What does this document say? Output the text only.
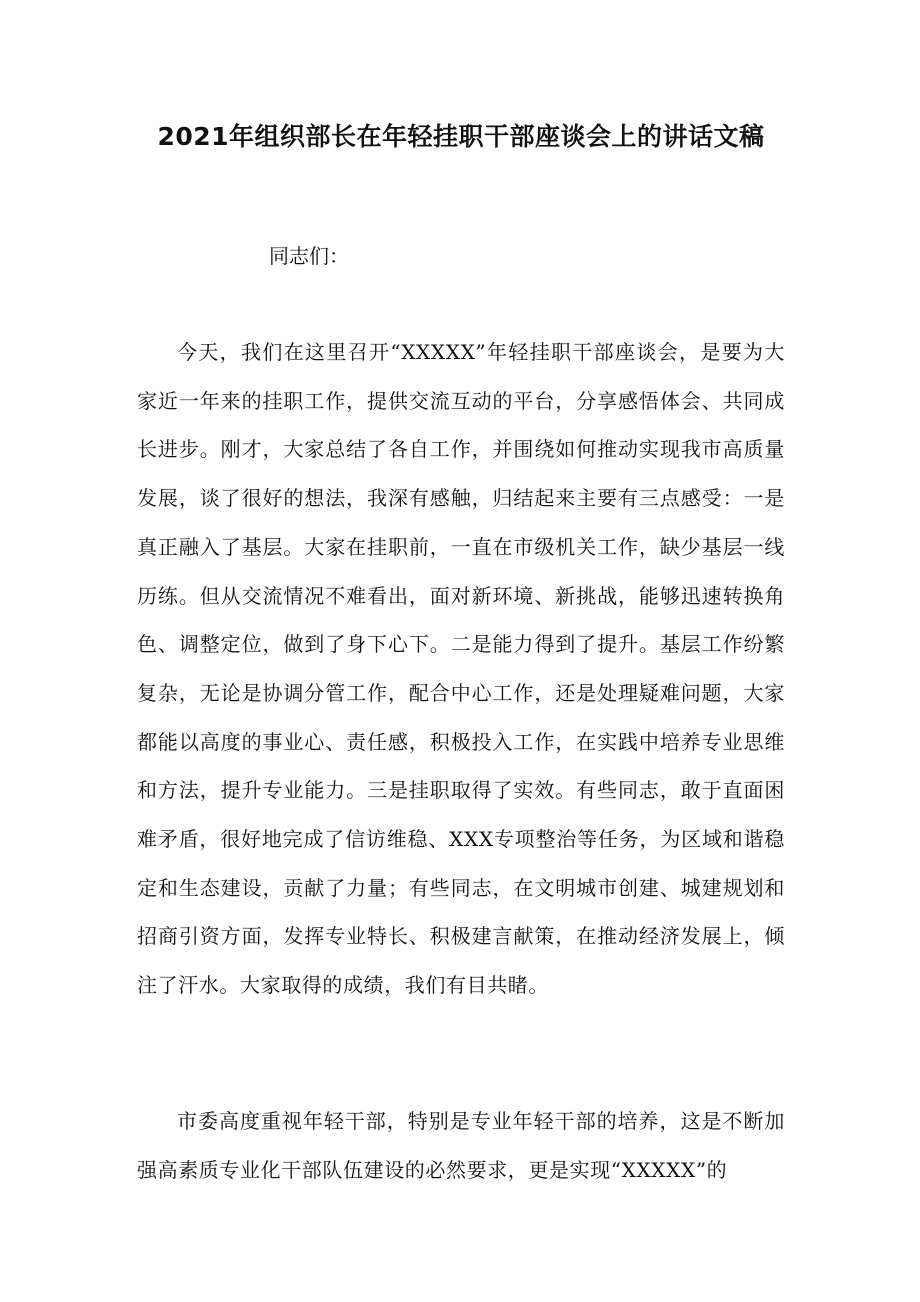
2021年组织部长在年轻挂职干部座谈会上的讲话文稿
同志们：

今天，我们在这里召开“XXXXX”年轻挂职干部座谈会，是要为大家近一年来的挂职工作，提供交流互动的平台，分享感悟体会、共同成长进步。刚才，大家总结了各自工作，并围绕如何推动实现我市高质量发展，谈了很好的想法，我深有感触，归结起来主要有三点感受：一是真正融入了基层。大家在挂职前，一直在市级机关工作，缺少基层一线历练。但从交流情况不难看出，面对新环境、新挑战，能够迅速转换角色、调整定位，做到了身下心下。二是能力得到了提升。基层工作纷繁复杂，无论是协调分管工作，配合中心工作，还是处理疑难问题，大家都能以高度的事业心、责任感，积极投入工作，在实践中培养专业思维和方法，提升专业能力。三是挂职取得了实效。有些同志，敢于直面困难矛盾，很好地完成了信访维稳、XXX专项整治等任务，为区域和谐稳定和生态建设，贡献了力量；有些同志，在文明城市创建、城建规划和招商引资方面，发挥专业特长、积极建言献策，在推动经济发展上，倾注了汗水。大家取得的成绩，我们有目共睹。

市委高度重视年轻干部，特别是专业年轻干部的培养，这是不断加强高素质专业化干部队伍建设的必然要求，更是实现“XXXXX”的
